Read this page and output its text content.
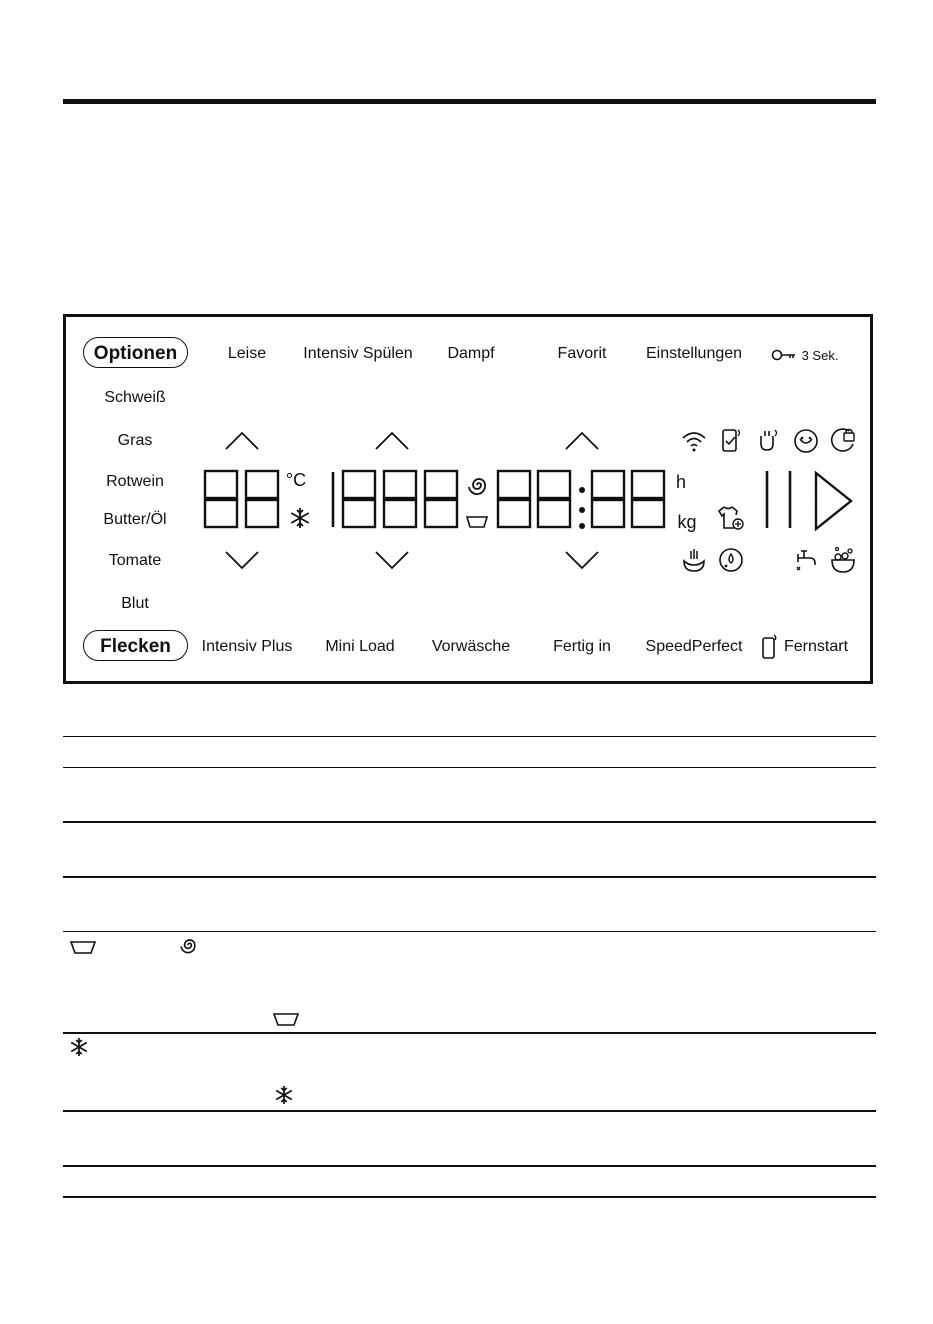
Optionen	Leise Intensiv Spülen Dampf	Favorit Einstellungen	3 Sek.
Schweiß
Gras
Rotwein
Butter/Öl
Tomate
Blut
°C	h
kg
Flecken	Intensiv Plus Mini Load Vorwäsche	Fertig in SpeedPerfect	Fernstart
